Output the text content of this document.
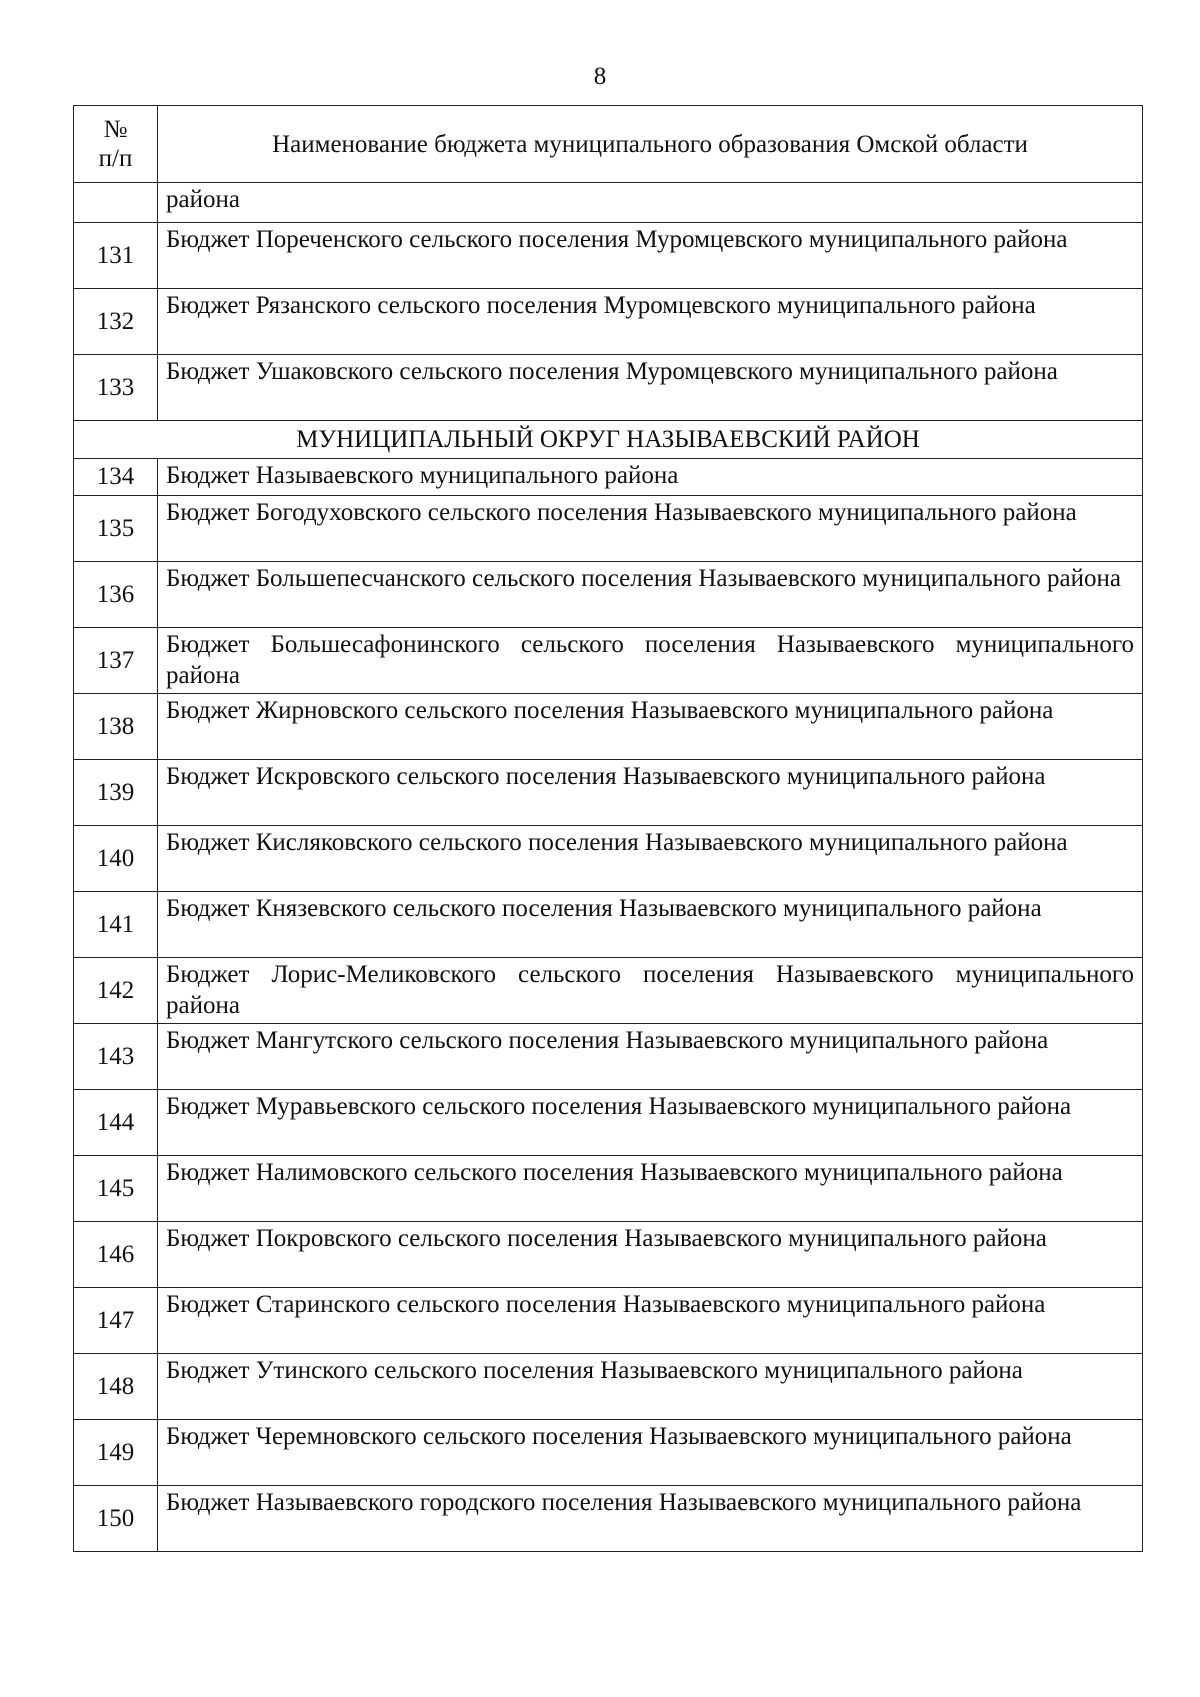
8
№
п/п	Наименование бюджета муниципального образования Омской области
	района
131	Бюджет Пореченского сельского поселения Муромцевского муниципального района
132	Бюджет Рязанского сельского поселения Муромцевского муниципального района
133	Бюджет Ушаковского сельского поселения Муромцевского муниципального района
МУНИЦИПАЛЬНЫЙ ОКРУГ НАЗЫВАЕВСКИЙ РАЙОН	
134	Бюджет Называевского муниципального района
135	Бюджет Богодуховского сельского поселения Называевского муниципального района
136	Бюджет Большепесчанского сельского поселения Называевского муниципального района
137	Бюджет Большесафонинского сельского поселения Называевского муниципального района
138	Бюджет Жирновского сельского поселения Называевского муниципального района
139	Бюджет Искровского сельского поселения Называевского муниципального района
140	Бюджет Кисляковского сельского поселения Называевского муниципального района
141	Бюджет Князевского сельского поселения Называевского муниципального района
142	Бюджет Лорис-Меликовского сельского поселения Называевского муниципального района
143	Бюджет Мангутского сельского поселения Называевского муниципального района
144	Бюджет Муравьевского сельского поселения Называевского муниципального района
145	Бюджет Налимовского сельского поселения Называевского муниципального района
146	Бюджет Покровского сельского поселения Называевского муниципального района
147	Бюджет Старинского сельского поселения Называевского муниципального района
148	Бюджет Утинского сельского поселения Называевского муниципального района
149	Бюджет Черемновского сельского поселения Называевского муниципального района
150	Бюджет Называевского городского поселения Называевского муниципального района
